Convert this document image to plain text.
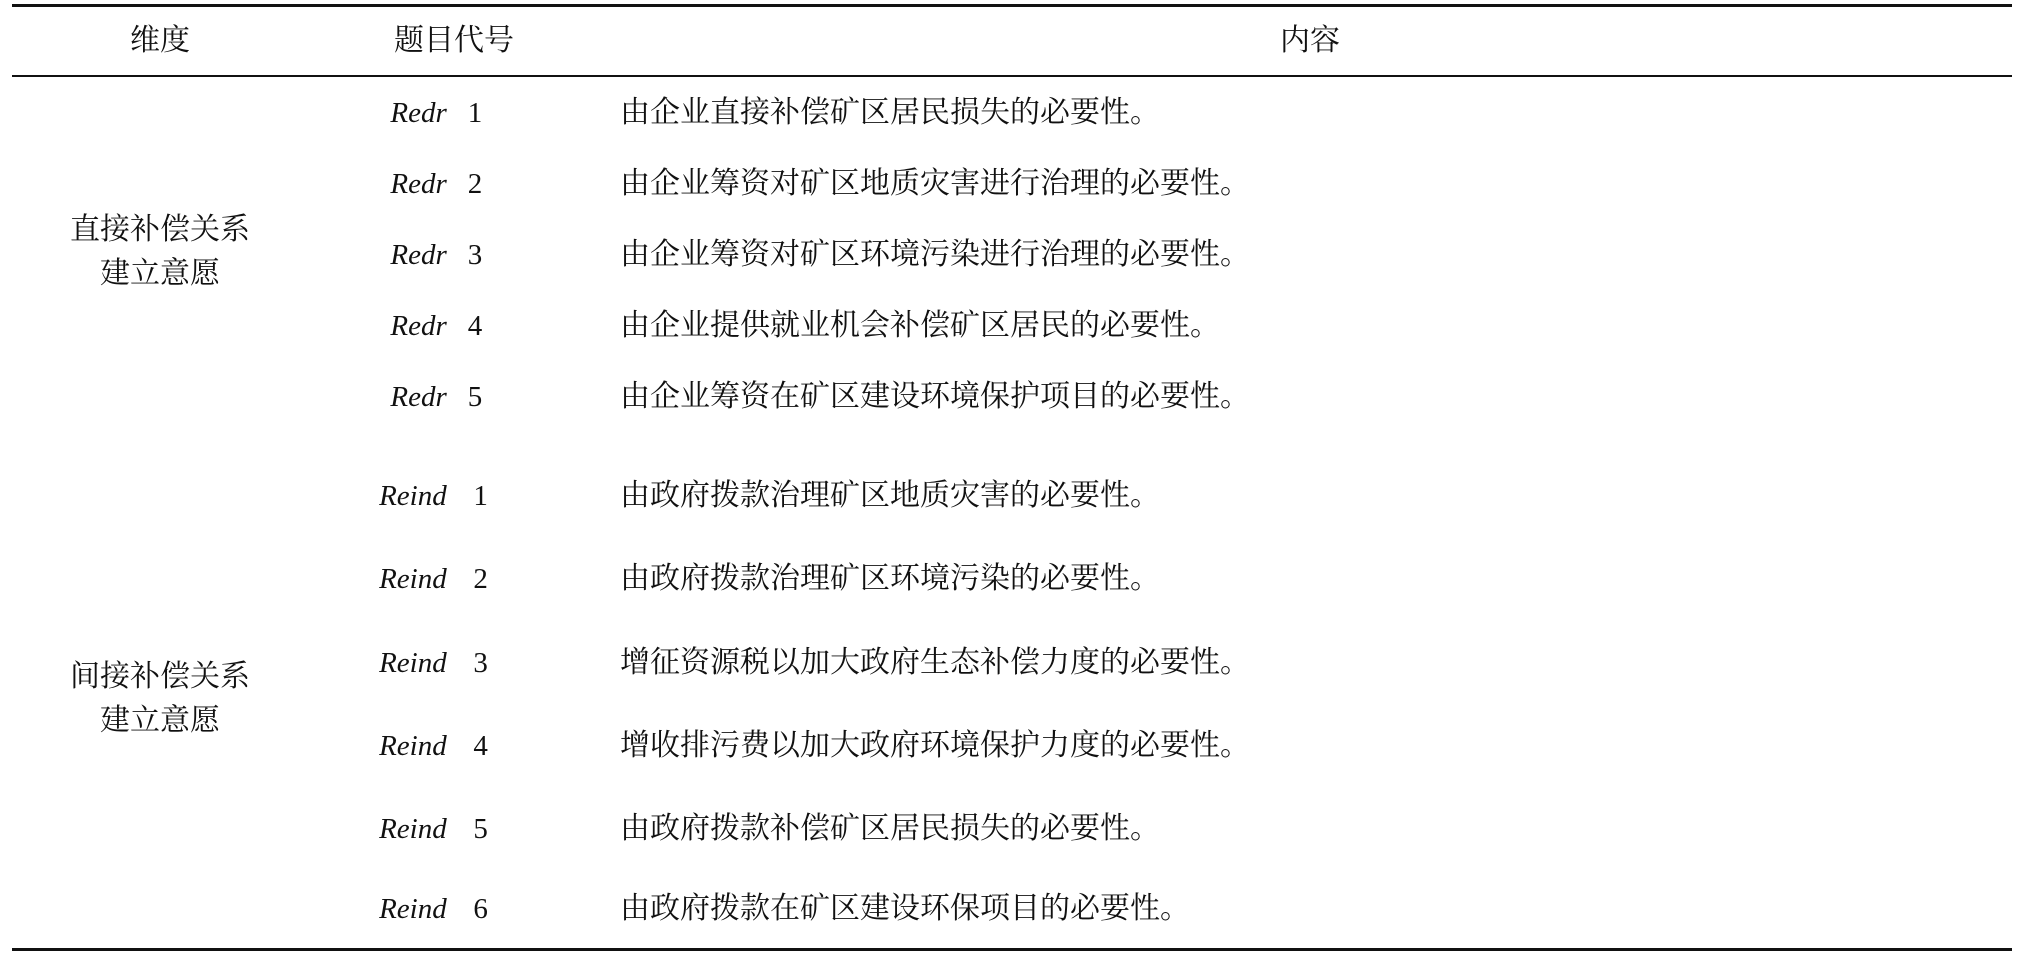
维度	题目代号	内容
直接补偿关系
建立意愿
Redr 1	由企业直接补偿矿区居民损失的必要性。
Redr 2	由企业筹资对矿区地质灾害进行治理的必要性。
Redr 3	由企业筹资对矿区环境污染进行治理的必要性。
Redr 4	由企业提供就业机会补偿矿区居民的必要性。
Redr 5	由企业筹资在矿区建设环境保护项目的必要性。
间接补偿关系
建立意愿
Reind 1	由政府拨款治理矿区地质灾害的必要性。
Reind 2	由政府拨款治理矿区环境污染的必要性。
Reind 3	增征资源税以加大政府生态补偿力度的必要性。
Reind 4	增收排污费以加大政府环境保护力度的必要性。
Reind 5	由政府拨款补偿矿区居民损失的必要性。
Reind 6	由政府拨款在矿区建设环保项目的必要性。
